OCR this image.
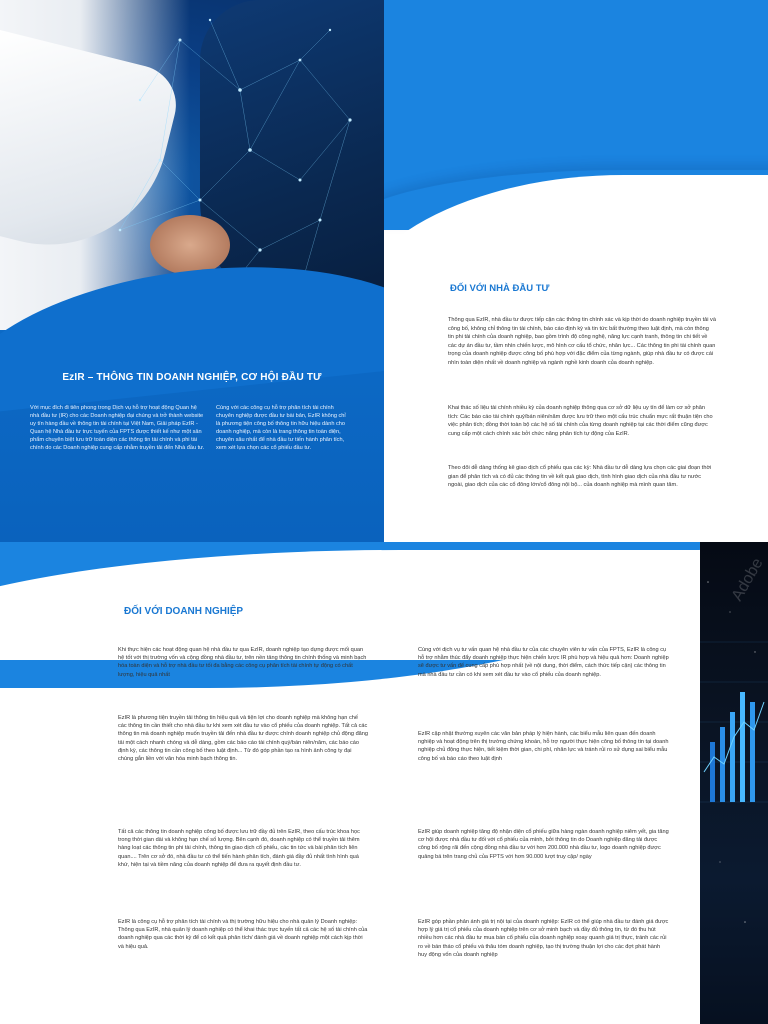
EzIR – THÔNG TIN DOANH NGHIỆP, CƠ HỘI ĐẦU TƯ

Với mục đích đi tiên phong trong Dịch vụ hỗ trợ hoạt động Quan hệ nhà đầu tư (IR) cho các Doanh nghiệp đại chúng và trở thành website uy tín hàng đầu về thông tin tài chính tại Việt Nam, Giải pháp EzIR - Quan hệ Nhà đầu tư trực tuyến của FPTS được thiết kế như một sản phẩm chuyên biệt lưu trữ toàn diện các thông tin tài chính và phi tài chính do các Doanh nghiệp cung cấp nhằm truyền tải đến Nhà đầu tư.

Cùng với các công cụ hỗ trợ phân tích tài chính chuyên nghiệp được đầu tư bài bản, EzIR không chỉ là phương tiện công bố thông tin hữu hiệu dành cho doanh nghiệp, mà còn là trang thông tin toàn diện, chuyên sâu nhất để nhà đầu tư tiến hành phân tích, xem xét lựa chọn các cổ phiếu đầu tư.

ĐỐI VỚI NHÀ ĐẦU TƯ

Thông qua EzIR, nhà đầu tư được tiếp cận các thông tin chính xác và kịp thời do doanh nghiệp truyền tải và công bố, không chỉ thông tin tài chính, báo cáo định kỳ và tin tức bất thường theo luật định, mà còn thông tin phi tài chính của doanh nghiệp, bao gồm trình độ công nghệ, năng lực cạnh tranh, thông tin chi tiết về các dự án đầu tư, tầm nhìn chiến lược, mô hình cơ cấu tổ chức, nhân lực... Các thông tin phi tài chính quan trọng của doanh nghiệp được công bố phù hợp với đặc điểm của từng ngành, giúp nhà đầu tư có được cái nhìn toàn diện nhất về doanh nghiệp và ngành nghề kinh doanh của doanh nghiệp.

Khai thác số liệu tài chính nhiều kỳ của doanh nghiệp thông qua cơ sở dữ liệu uy tín để làm cơ sở phân tích: Các báo cáo tài chính quý/bán niên/năm được lưu trữ theo một cấu trúc chuẩn mực rất thuận tiện cho việc phân tích; đồng thời toàn bộ các hệ số tài chính của từng doanh nghiệp tại các thời điểm cũng được cung cấp một cách chính xác bởi chức năng phân tích tự động của EzIR.

Theo dõi dễ dàng thống kê giao dịch cổ phiếu qua các kỳ: Nhà đầu tư dễ dàng lựa chọn các giai đoạn thời gian để phân tích và có đủ các thông tin về kết quả giao dịch, tình hình giao dịch của nhà đầu tư nước ngoài, giao dịch của các cổ đông lớn/cổ đông nội bộ... của doanh nghiệp mà mình quan tâm.

Adobe
ĐỐI VỚI DOANH NGHIỆP

Khi thực hiện các hoạt động quan hệ nhà đầu tư qua EzIR, doanh nghiệp tạo dựng được mối quan hệ tốt với thị trường vốn và cộng đồng nhà đầu tư, trên nền tảng thông tin chính thống và minh bạch hóa toàn diện và hỗ trợ nhà đầu tư tối đa bằng các công cụ phân tích tài chính tự động có chất lượng, hiệu quả nhất

EzIR là phương tiện truyền tải thông tin hiệu quả và tiện lợi cho doanh nghiệp mà không hạn chế các thông tin cần thiết cho nhà đầu tư khi xem xét đầu tư vào cổ phiếu của doanh nghiệp. Tất cả các thông tin mà doanh nghiệp muốn truyền tải đến nhà đầu tư được chính doanh nghiệp chủ động đăng tải một cách nhanh chóng và dễ dàng, gồm các báo cáo tài chính quý/bán niên/năm, các báo cáo định kỳ, các thông tin cần công bố theo luật định... Từ đó góp phần tạo ra hình ảnh công ty đại chúng gắn liền với văn hóa minh bạch thông tin.

Tất cả các thông tin doanh nghiệp công bố được lưu trữ đầy đủ trên EzIR, theo cấu trúc khoa học trong thời gian dài và không hạn chế số lượng. Bên cạnh đó, doanh nghiệp có thể truyền tải thêm hàng loạt các thông tin phi tài chính, thông tin giao dịch cổ phiếu, các tin tức và bài phân tích liên quan.... Trên cơ sở đó, nhà đầu tư có thể tiến hành phân tích, đánh giá đầy đủ nhất tình hình quá khứ, hiện tại và tiềm năng của doanh nghiệp để đưa ra quyết định đầu tư.

EzIR là công cụ hỗ trợ phân tích tài chính và thị trường hữu hiệu cho nhà quản lý Doanh nghiệp: Thông qua EzIR, nhà quản lý doanh nghiệp có thể khai thác trực tuyến tất cả các hệ số tài chính của doanh nghiệp qua các thời kỳ để có kết quả phân tích/ đánh giá về doanh nghiệp một cách kịp thời và hiệu quả.

Cùng với dịch vụ tư vấn quan hệ nhà đầu tư của các chuyên viên tư vấn của FPTS, EzIR là công cụ hỗ trợ nhằm thúc đẩy doanh nghiệp thực hiện chiến lược IR phù hợp và hiệu quả hơn: Doanh nghiệp sẽ được tư vấn để cung cấp phù hợp nhất (về nội dung, thời điểm, cách thức tiếp cận) các thông tin mà nhà đầu tư cần có khi xem xét đầu tư vào cổ phiếu của doanh nghiệp.

EzIR cập nhật thường xuyên các văn bản pháp lý hiện hành, các biểu mẫu liên quan đến doanh nghiệp và hoạt động trên thị trường chứng khoán, hỗ trợ người thực hiện công bố thông tin tại doanh nghiệp chủ động thực hiện, tiết kiệm thời gian, chi phí, nhân lực và tránh rủi ro sử dụng sai biểu mẫu công bố và báo cáo theo luật định

EzIR giúp doanh nghiệp tăng độ nhận diện cổ phiếu giữa hàng ngàn doanh nghiệp niêm yết, gia tăng cơ hội được nhà đầu tư đối với cổ phiếu của mình, bởi thông tin do Doanh nghiệp đăng tải được công bố rộng rãi đến cộng đồng nhà đầu tư với hơn 200.000 nhà đầu tư, logo doanh nghiệp được quảng bá trên trang chủ của FPTS với hơn 90.000 lượt truy cập/ ngày

EzIR góp phần phản ánh giá trị nội tại của doanh nghiệp: EzIR có thể giúp nhà đầu tư đánh giá được hợp lý giá trị cổ phiếu của doanh nghiệp trên cơ sở minh bạch và đầy đủ thông tin, từ đó thu hút nhiều hơn các nhà đầu tư mua bán cổ phiếu của doanh nghiệp xoay quanh giá trị thực, tránh các rủi ro về bán tháo cổ phiếu và thâu tóm doanh nghiệp, tạo thị trường thuận lợi cho các đợt phát hành huy động vốn của doanh nghiệp
